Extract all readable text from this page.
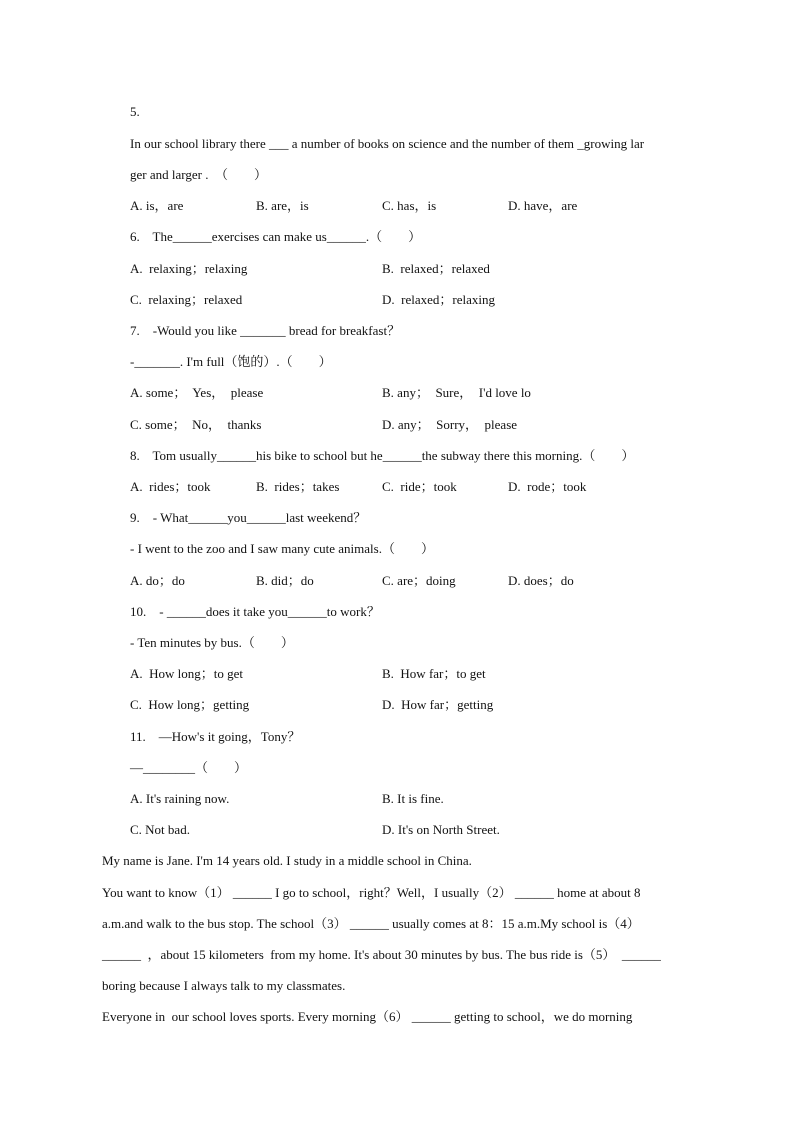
5.
In our school library there ___ a number of books on science and the number of them _growing lar
ger and larger .  （        ）
A. is，are	B. are，is	C. has，is	D. have，are
6.    The______exercises can make us______.（        ）
A.  relaxing；relaxing	B.  relaxed；relaxed
C.  relaxing；relaxed	D.  relaxed；relaxing
7.    -Would you like _______ bread for breakfast？
-_______. I'm full（饱的）.（        ）
A. some；  Yes，  please	B. any；  Sure，  I'd love lo
C. some；  No，  thanks	D. any；  Sorry，  please
8.    Tom usually______his bike to school but he______the subway there this morning.（        ）
A.  rides；took	B.  rides；takes	C.  ride；took	D.  rode；took
9.    - What______you______last weekend？
- I went to the zoo and I saw many cute animals.（        ）
A. do；do	B. did；do	C. are；doing	D. does；do
10.    - ______does it take you______to work？
- Ten minutes by bus.（        ）
A.  How long；to get	B.  How far；to get
C.  How long；getting	D.  How far；getting
11.    —How's it going，Tony？
—________（        ）
A. It's raining now.	B. It is fine.
C. Not bad.	D. It's on North Street.
My name is Jane. I'm 14 years old. I study in a middle school in China.
You want to know（1） ______ I go to school，right？Well，I usually（2） ______ home at about 8
a.m.and walk to the bus stop. The school（3） ______ usually comes at 8：15 a.m.My school is（4）
______  ，about 15 kilometers  from my home. It's about 30 minutes by bus. The bus ride is（5）  ______
boring because I always talk to my classmates.
Everyone in  our school loves sports. Every morning（6） ______ getting to school，we do morning
